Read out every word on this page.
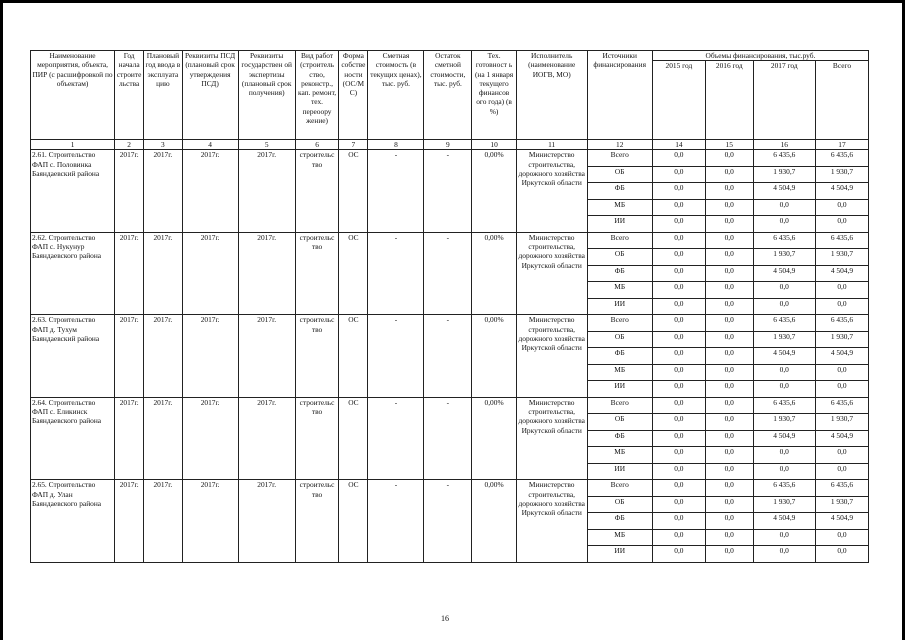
Наименование мероприятия, объекта, ПИР (с расшифровкой по объектам)	Год начала строите льства	Плановый год ввода в эксплуата цию	Реквизиты ПСД (плановый срок утверждения ПСД)	Реквизиты государствен ой экспертизы (плановый срок получения)	Вид работ (строитель ство, реконстр., кап. ремонт, тех. переоору жение)	Форма собстве ности (ОС/М С)	Сметная стоимость (в текущих ценах), тыс. руб.	Остаток сметной стоимости, тыс. руб.	Тех. готовност ь (на 1 января текущего финансов ого года) (в %)	Исполнитель (наименование ИОГВ, МО)	Источники финансирования	Объемы финансирования, тыс.руб.			
												2015 год	2016 год	2017 год	Всего
1	2	3	4	5	6	7	8	9	10	11	12	14	15	16	17
2.61. Строительство ФАП с. Половинка Баяндаевский района	2017г.	2017г.	2017г.	2017г.	строительс тво	ОС	-	-	0,00%	Министерство строительства, дорожного хозяйства Иркутской области	Всего	0,0	0,0	6 435,6	6 435,6
											ОБ	0,0	0,0	1 930,7	1 930,7
											ФБ	0,0	0,0	4 504,9	4 504,9
											МБ	0,0	0,0	0,0	0,0
											ИИ	0,0	0,0	0,0	0,0
2.62. Строительство ФАП с. Нукунур Баяндаевского района	2017г.	2017г.	2017г.	2017г.	строительс тво	ОС	-	-	0,00%	Министерство строительства, дорожного хозяйства Иркутской области	Всего	0,0	0,0	6 435,6	6 435,6
											ОБ	0,0	0,0	1 930,7	1 930,7
											ФБ	0,0	0,0	4 504,9	4 504,9
											МБ	0,0	0,0	0,0	0,0
											ИИ	0,0	0,0	0,0	0,0
2.63. Строительство ФАП д. Тухум Баяндаевский района	2017г.	2017г.	2017г.	2017г.	строительс тво	ОС	-	-	0,00%	Министерство строительства, дорожного хозяйства Иркутской области	Всего	0,0	0,0	6 435,6	6 435,6
											ОБ	0,0	0,0	1 930,7	1 930,7
											ФБ	0,0	0,0	4 504,9	4 504,9
											МБ	0,0	0,0	0,0	0,0
											ИИ	0,0	0,0	0,0	0,0
2.64. Строительство ФАП с. Еликинск Баяндаевского района	2017г.	2017г.	2017г.	2017г.	строительс тво	ОС	-	-	0,00%	Министерство строительства, дорожного хозяйства Иркутской области	Всего	0,0	0,0	6 435,6	6 435,6
											ОБ	0,0	0,0	1 930,7	1 930,7
											ФБ	0,0	0,0	4 504,9	4 504,9
											МБ	0,0	0,0	0,0	0,0
											ИИ	0,0	0,0	0,0	0,0
2.65. Строительство ФАП д. Улан Баяндаевского района	2017г.	2017г.	2017г.	2017г.	строительс тво	ОС	-	-	0,00%	Министерство строительства, дорожного хозяйства Иркутской области	Всего	0,0	0,0	6 435,6	6 435,6
											ОБ	0,0	0,0	1 930,7	1 930,7
											ФБ	0,0	0,0	4 504,9	4 504,9
											МБ	0,0	0,0	0,0	0,0
											ИИ	0,0	0,0	0,0	0,0
16
